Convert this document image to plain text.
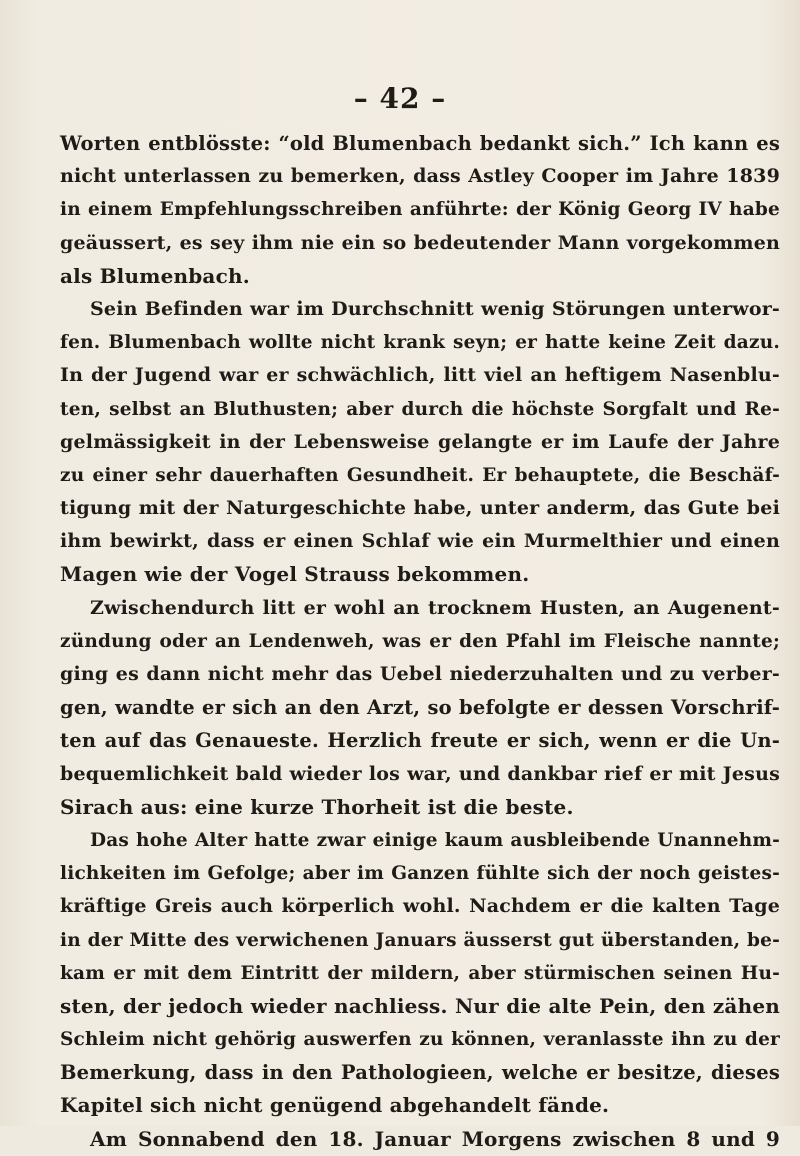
– 42 –
Worten entblösste: “old Blumenbach bedankt sich.” Ich kann es
nicht unterlassen zu bemerken, dass Astley Cooper im Jahre 1839
in einem Empfehlungsschreiben anführte: der König Georg IV habe
geäussert, es sey ihm nie ein so bedeutender Mann vorgekommen
als Blumenbach.
Sein Befinden war im Durchschnitt wenig Störungen unterwor-
fen. Blumenbach wollte nicht krank seyn; er hatte keine Zeit dazu.
In der Jugend war er schwächlich, litt viel an heftigem Nasenblu-
ten, selbst an Bluthusten; aber durch die höchste Sorgfalt und Re-
gelmässigkeit in der Lebensweise gelangte er im Laufe der Jahre
zu einer sehr dauerhaften Gesundheit. Er behauptete, die Beschäf-
tigung mit der Naturgeschichte habe, unter anderm, das Gute bei
ihm bewirkt, dass er einen Schlaf wie ein Murmelthier und einen
Magen wie der Vogel Strauss bekommen.
Zwischendurch litt er wohl an trocknem Husten, an Augenent-
zündung oder an Lendenweh, was er den Pfahl im Fleische nannte;
ging es dann nicht mehr das Uebel niederzuhalten und zu verber-
gen, wandte er sich an den Arzt, so befolgte er dessen Vorschrif-
ten auf das Genaueste. Herzlich freute er sich, wenn er die Un-
bequemlichkeit bald wieder los war, und dankbar rief er mit Jesus
Sirach aus: eine kurze Thorheit ist die beste.
Das hohe Alter hatte zwar einige kaum ausbleibende Unannehm-
lichkeiten im Gefolge; aber im Ganzen fühlte sich der noch geistes-
kräftige Greis auch körperlich wohl. Nachdem er die kalten Tage
in der Mitte des verwichenen Januars äusserst gut überstanden, be-
kam er mit dem Eintritt der mildern, aber stürmischen seinen Hu-
sten, der jedoch wieder nachliess. Nur die alte Pein, den zähen
Schleim nicht gehörig auswerfen zu können, veranlasste ihn zu der
Bemerkung, dass in den Pathologieen, welche er besitze, dieses
Kapitel sich nicht genügend abgehandelt fände.
Am Sonnabend den 18. Januar Morgens zwischen 8 und 9
